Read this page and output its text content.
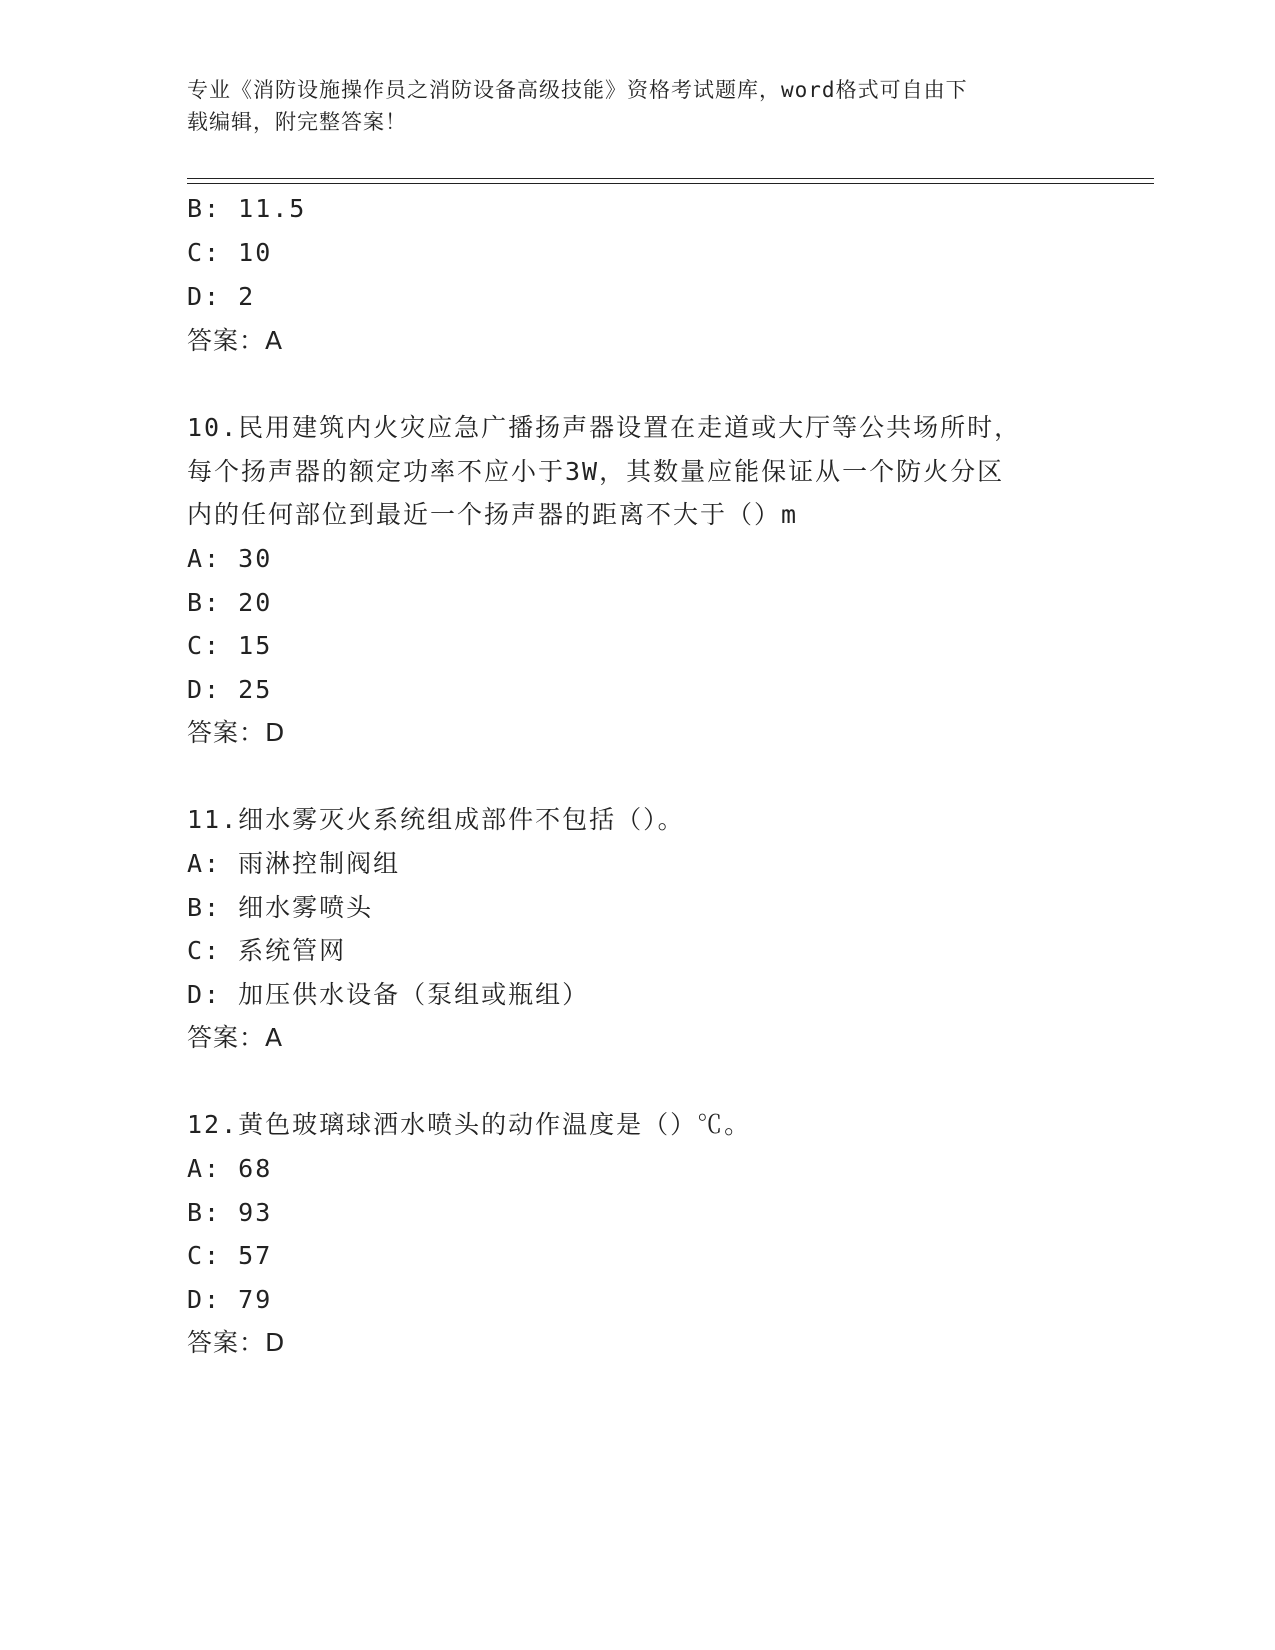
专业《消防设施操作员之消防设备高级技能》资格考试题库，word格式可自由下
载编辑，附完整答案！
B: 11.5
C: 10
D: 2
答案：A
10.民用建筑内火灾应急广播扬声器设置在走道或大厅等公共场所时，
每个扬声器的额定功率不应小于3W，其数量应能保证从一个防火分区
内的任何部位到最近一个扬声器的距离不大于（）m
A: 30
B: 20
C: 15
D: 25
答案：D
11.细水雾灭火系统组成部件不包括（）。
A: 雨淋控制阀组
B: 细水雾喷头
C: 系统管网
D: 加压供水设备（泵组或瓶组）
答案：A
12.黄色玻璃球洒水喷头的动作温度是（）℃。
A: 68
B: 93
C: 57
D: 79
答案：D
